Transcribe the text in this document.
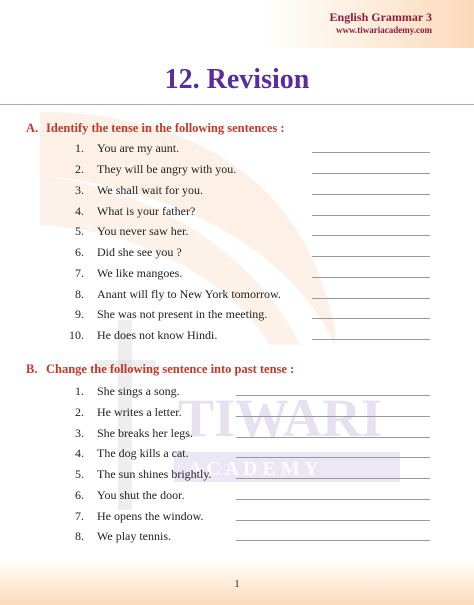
English Grammar 3
www.tiwariacademy.com
12. Revision
TIWARI
A C A D E M Y
A. Identify the tense in the following sentences :
1. You are my aunt.
2. They will be angry with you.
3. We shall wait for you.
4. What is your father?
5. You never saw her.
6. Did she see you ?
7. We like mangoes.
8. Anant will fly to New York tomorrow.
9. She was not present in the meeting.
10. He does not know Hindi.
B. Change the following sentence into past tense :
1. She sings a song.
2. He writes a letter.
3. She breaks her legs.
4. The dog kills a cat.
5. The sun shines brightly.
6. You shut the door.
7. He opens the window.
8. We play tennis.
1
